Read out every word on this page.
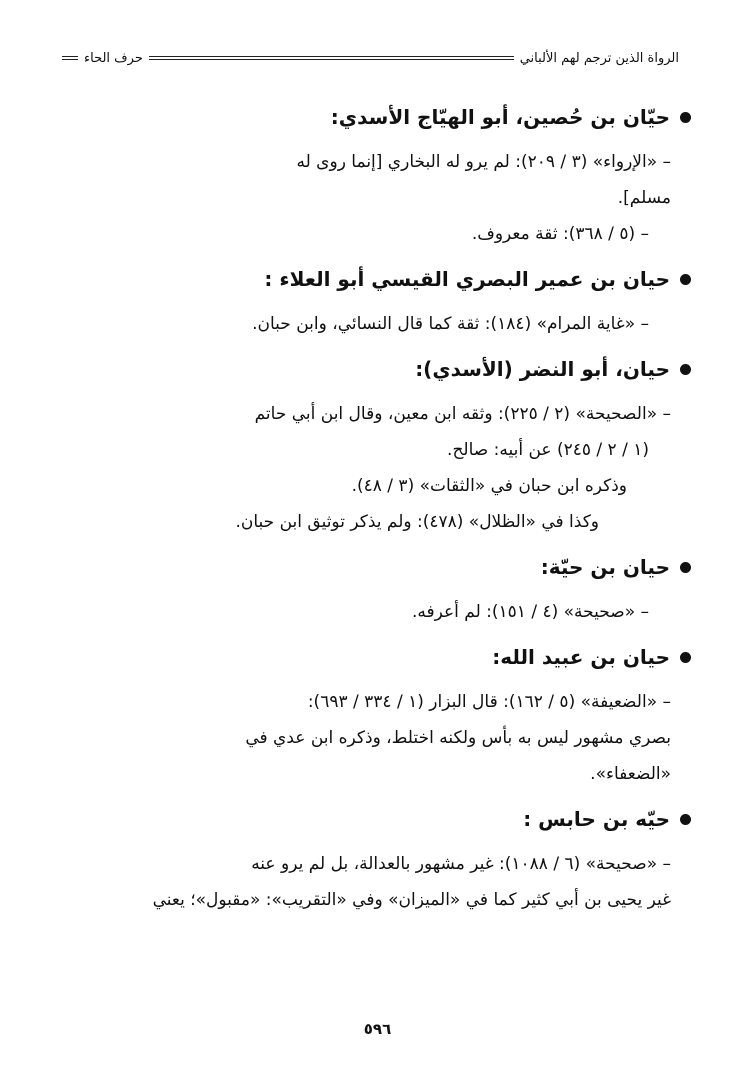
الرواة الذين ترجم لهم الألباني
حرف الحاء
حيّان بن حُصين، أبو الهيّاج الأسدي:

– «الإرواء» (٣ / ٢٠٩): لم يرو له البخاري [إنما روى له

مسلم].

– (٥ / ٣٦٨): ثقة معروف.

حيان بن عمير البصري القيسي أبو العلاء :

– «غاية المرام» (١٨٤): ثقة كما قال النسائي، وابن حبان.

حيان، أبو النضر (الأسدي):

– «الصحيحة» (٢ / ٢٢٥): وثقه ابن معين، وقال ابن أبي حاتم

(١ / ٢ / ٢٤٥) عن أبيه: صالح.

وذكره ابن حبان في «الثقات» (٣ / ٤٨).

وكذا في «الظلال» (٤٧٨): ولم يذكر توثيق ابن حبان.

حيان بن حيّة:

– «صحيحة» (٤ / ١٥١): لم أعرفه.

حيان بن عبيد الله:

– «الضعيفة» (٥ / ١٦٢): قال البزار (١ / ٣٣٤ / ٦٩٣):

بصري مشهور ليس به بأس ولكنه اختلط، وذكره ابن عدي في

«الضعفاء».

حيّه بن حابس :

– «صحيحة» (٦ / ١٠٨٨): غير مشهور بالعدالة، بل لم يرو عنه

غير يحيى بن أبي كثير كما في «الميزان» وفي «التقريب»: «مقبول»؛ يعني

٥٩٦
